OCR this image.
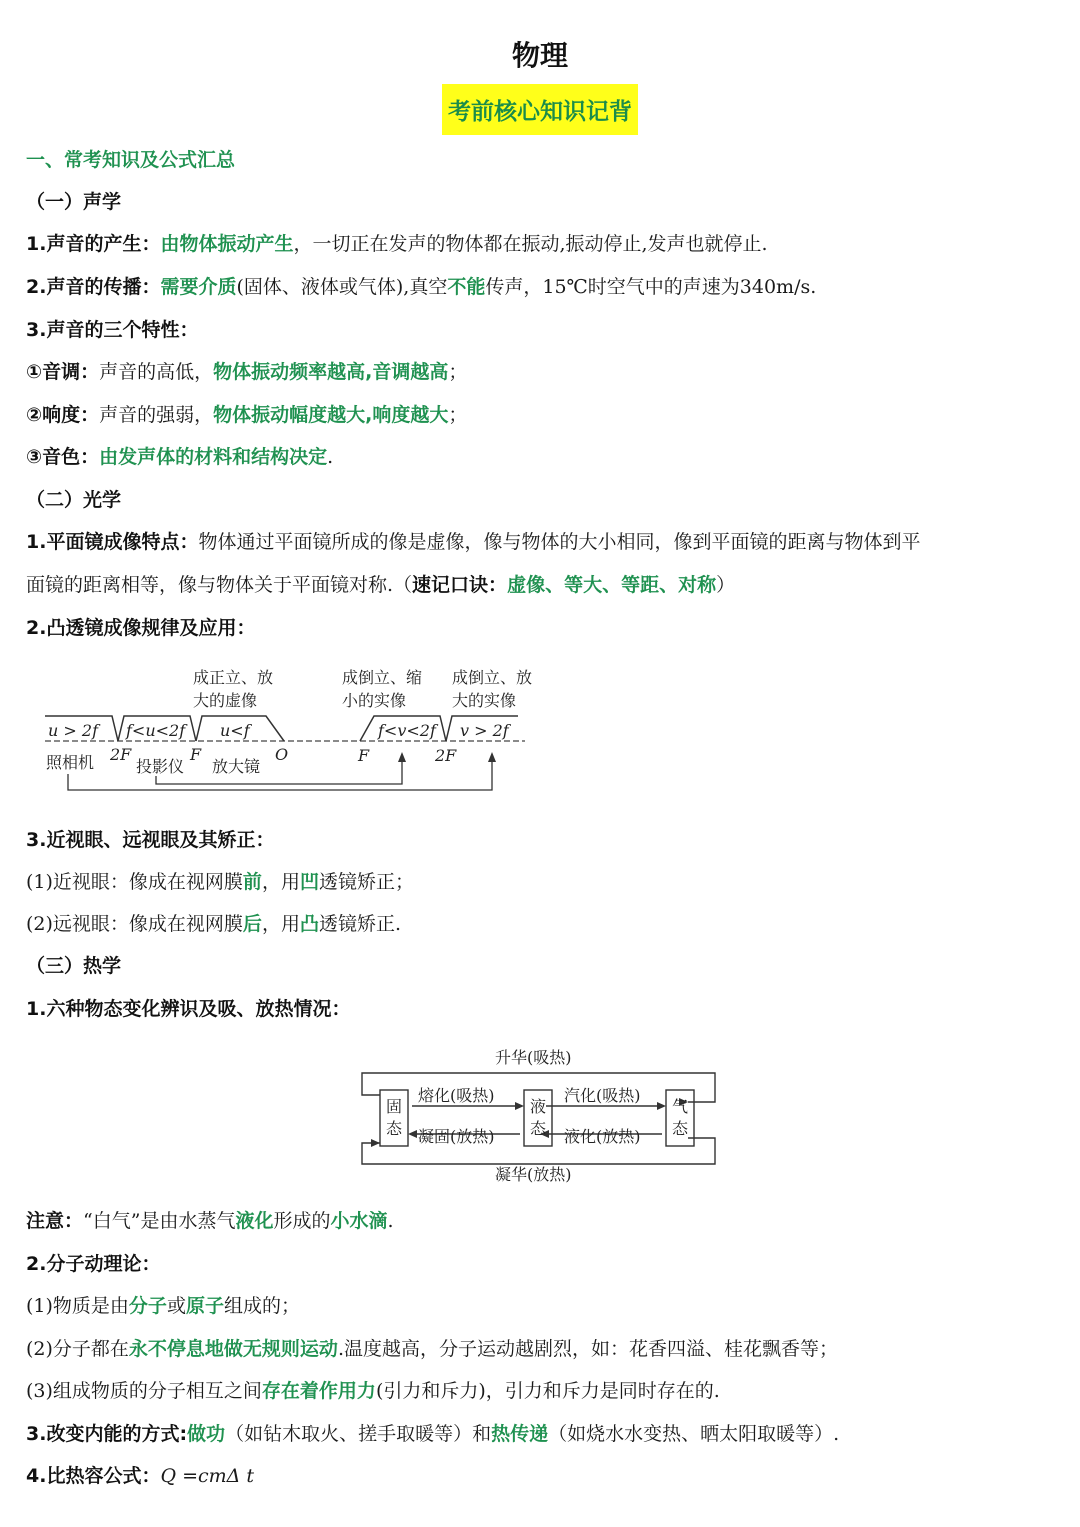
物理
考前核心知识记背
一、常考知识及公式汇总
（一）声学
1.声音的产生：由物体振动产生，一切正在发声的物体都在振动,振动停止,发声也就停止.
2.声音的传播：需要介质(固体、液体或气体),真空不能传声，15℃时空气中的声速为340m/s.
3.声音的三个特性：
①音调：声音的高低，物体振动频率越高,音调越高；
②响度：声音的强弱，物体振动幅度越大,响度越大；
③音色：由发声体的材料和结构决定.
（二）光学
1.平面镜成像特点：物体通过平面镜所成的像是虚像，像与物体的大小相同，像到平面镜的距离与物体到平
面镜的距离相等，像与物体关于平面镜对称.（速记口诀：虚像、等大、等距、对称）
2.凸透镜成像规律及应用：
成正立、放
大的虚像
成倒立、缩
小的实像
成倒立、放
大的实像
u > 2f f<u<2f u<f	f<v<2f v > 2f
2F	F	O	F	2F
照相机	投影仪 放大镜
3.近视眼、远视眼及其矫正：
(1)近视眼：像成在视网膜前，用凹透镜矫正；
(2)远视眼：像成在视网膜后，用凸透镜矫正.
（三）热学
1.六种物态变化辨识及吸、放热情况：
升华(吸热)
固
态
液
态
气
态
熔化(吸热)	汽化(吸热)
凝固(放热)	液化(放热)
凝华(放热)
注意：“白气”是由水蒸气液化形成的小水滴.
2.分子动理论：
(1)物质是由分子或原子组成的；
(2)分子都在永不停息地做无规则运动.温度越高，分子运动越剧烈，如：花香四溢、桂花飘香等；
(3)组成物质的分子相互之间存在着作用力(引力和斥力)，引力和斥力是同时存在的.
3.改变内能的方式:做功（如钻木取火、搓手取暖等）和热传递（如烧水水变热、晒太阳取暖等）.
4.比热容公式：Q =cmΔ t
